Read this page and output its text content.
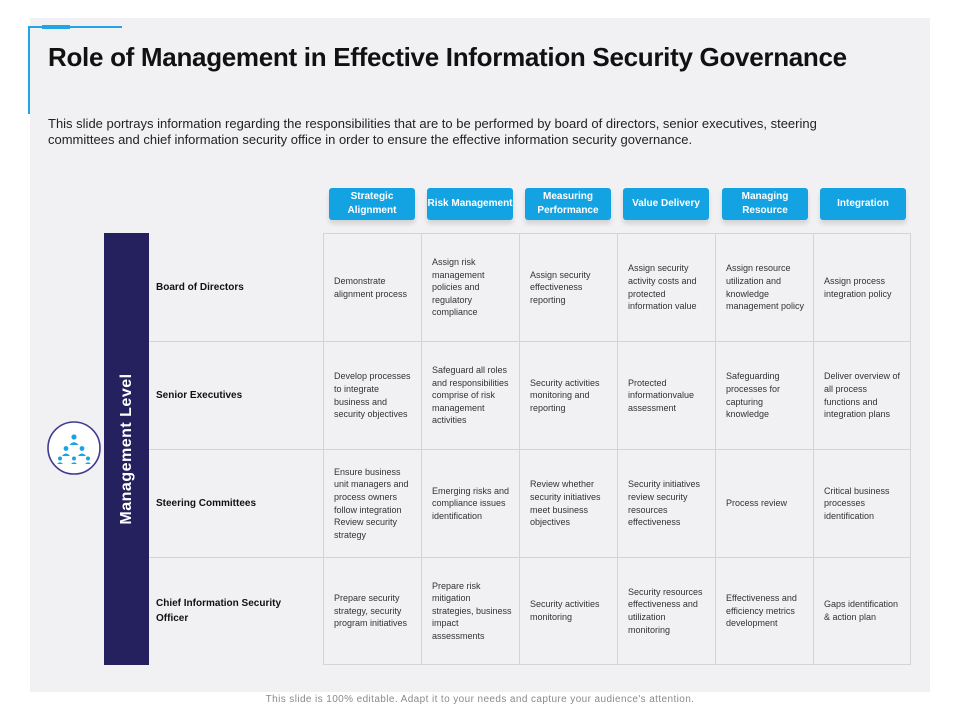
Role of Management in Effective Information Security Governance
This slide portrays information regarding the responsibilities that are to be performed by board of directors, senior executives, steering committees and chief information security office in order to ensure the effective information security governance.
Strategic Alignment
Risk Management
Measuring Performance
Value Delivery
Managing Resource
Integration
Management Level
Board of Directors
Senior Executives
Steering Committees
Chief Information Security Officer
Demonstrate alignment process
Assign risk management policies and regulatory compliance
Assign security effectiveness reporting
Assign security activity costs and protected information value
Assign resource utilization and knowledge management policy
Assign process integration policy
Develop processes to integrate business and security objectives
Safeguard all roles and responsibilities comprise of risk management activities
Security activities monitoring and reporting
Protected informationvalue assessment
Safeguarding processes for capturing knowledge
Deliver overview of all process functions and integration plans
Ensure business unit managers and process owners follow integration Review security strategy
Emerging risks and compliance issues identification
Review whether security initiatives meet business objectives
Security initiatives review security resources effectiveness
Process review
Critical business processes identification
Prepare security strategy, security program initiatives
Prepare risk mitigation strategies, business impact assessments
Security activities monitoring
Security resources effectiveness and utilization monitoring
Effectiveness and efficiency metrics development
Gaps identification & action plan
This slide is 100% editable. Adapt it to your needs and capture your audience's attention.
